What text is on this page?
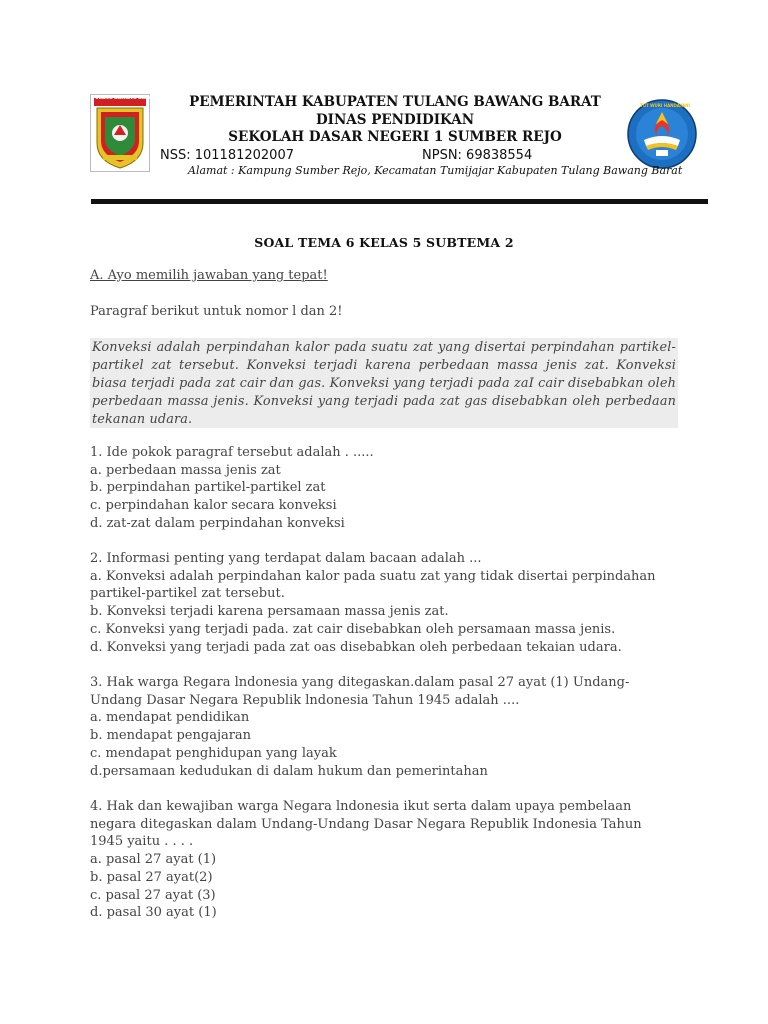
TULANG BAWANG BARAT
TUT WURI HANDAYANI
PEMERINTAH KABUPATEN TULANG BAWANG BARAT
DINAS PENDIDIKAN
SEKOLAH DASAR NEGERI 1 SUMBER REJO
NSS: 101181202007	NPSN: 69838554
Alamat : Kampung Sumber Rejo, Kecamatan Tumijajar Kabupaten Tulang Bawang Barat
SOAL TEMA 6 KELAS 5 SUBTEMA 2
A. Ayo memilih jawaban yang tepat!
Paragraf berikut untuk nomor l dan 2!
Konveksi adalah perpindahan kalor pada suatu zat yang disertai perpindahan partikel-partikel zat tersebut. Konveksi terjadi karena perbedaan massa jenis zat. Konveksi biasa terjadi pada zat cair dan gas. Konveksi yang terjadi pada zaI cair disebabkan oleh perbedaan massa jenis. Konveksi yang terjadi pada zat gas disebabkan oleh perbedaan tekanan udara.
1. Ide pokok paragraf tersebut adalah . .....
a. perbedaan massa jenis zat
b. perpindahan partikel-partikel zat
c. perpindahan kalor secara konveksi
d. zat-zat dalam perpindahan konveksi
2. Informasi penting yang terdapat dalam bacaan adalah ...
a. Konveksi adalah perpindahan kalor pada suatu zat yang tidak disertai perpindahan partikel-partikel zat tersebut.
b. Konveksi terjadi karena persamaan massa jenis zat.
c. Konveksi yang terjadi pada. zat cair disebabkan oleh persamaan massa jenis.
d. Konveksi yang terjadi pada zat oas disebabkan oleh perbedaan tekaian udara.
3. Hak warga Regara lndonesia yang ditegaskan.dalam pasal 27 ayat (1) Undang-Undang Dasar Negara Republik lndonesia Tahun 1945 adalah ....
a. mendapat pendidikan
b. mendapat pengajaran
c. mendapat penghidupan yang layak
d.persamaan kedudukan di dalam hukum dan pemerintahan
4. Hak dan kewajiban warga Negara lndonesia ikut serta dalam upaya pembelaan negara ditegaskan dalam Undang-Undang Dasar Negara Republik Indonesia Tahun 1945 yaitu . . . .
a. pasal 27 ayat (1)
b. pasal 27 ayat(2)
c. pasal 27 ayat (3)
d. pasal 30 ayat (1)
